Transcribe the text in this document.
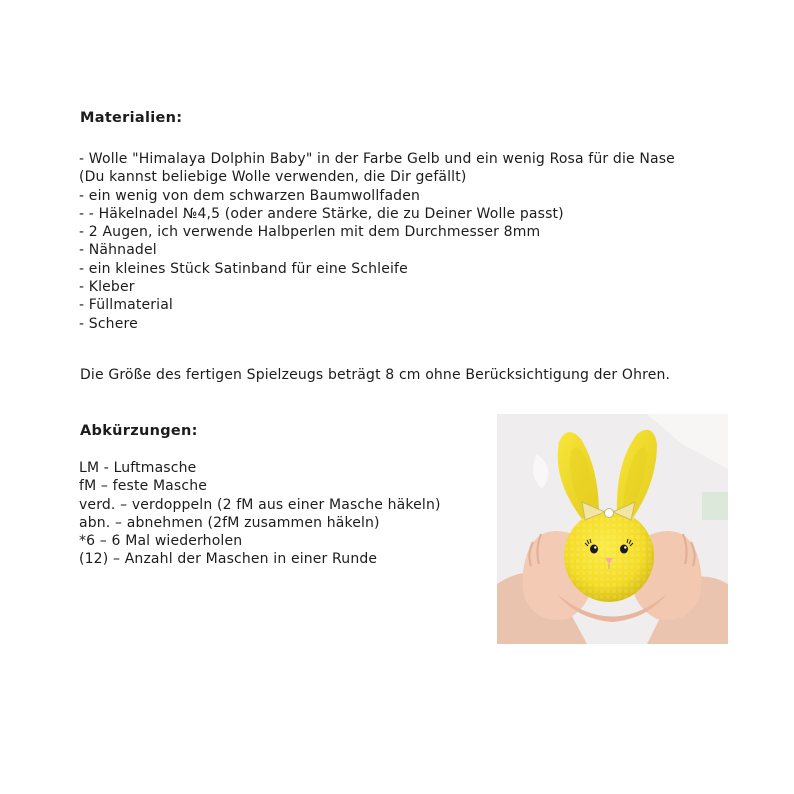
Materialien:
- Wolle "Himalaya Dolphin Baby" in der Farbe Gelb und ein wenig Rosa für die Nase
(Du kannst beliebige Wolle verwenden, die Dir gefällt)
- ein wenig von dem schwarzen Baumwollfaden
- - Häkelnadel №4,5 (oder andere Stärke, die zu Deiner Wolle passt)
- 2 Augen, ich verwende Halbperlen mit dem Durchmesser 8mm
- Nähnadel
- ein kleines Stück Satinband für eine Schleife
- Kleber
- Füllmaterial
- Schere

Die Größe des fertigen Spielzeugs beträgt 8 cm ohne Berücksichtigung der Ohren.

Abkürzungen:
LM - Luftmasche
fM – feste Masche
verd. – verdoppeln (2 fM aus einer Masche häkeln)
abn. – abnehmen (2fM zusammen häkeln)
*6 – 6 Mal wiederholen
(12) – Anzahl der Maschen in einer Runde
